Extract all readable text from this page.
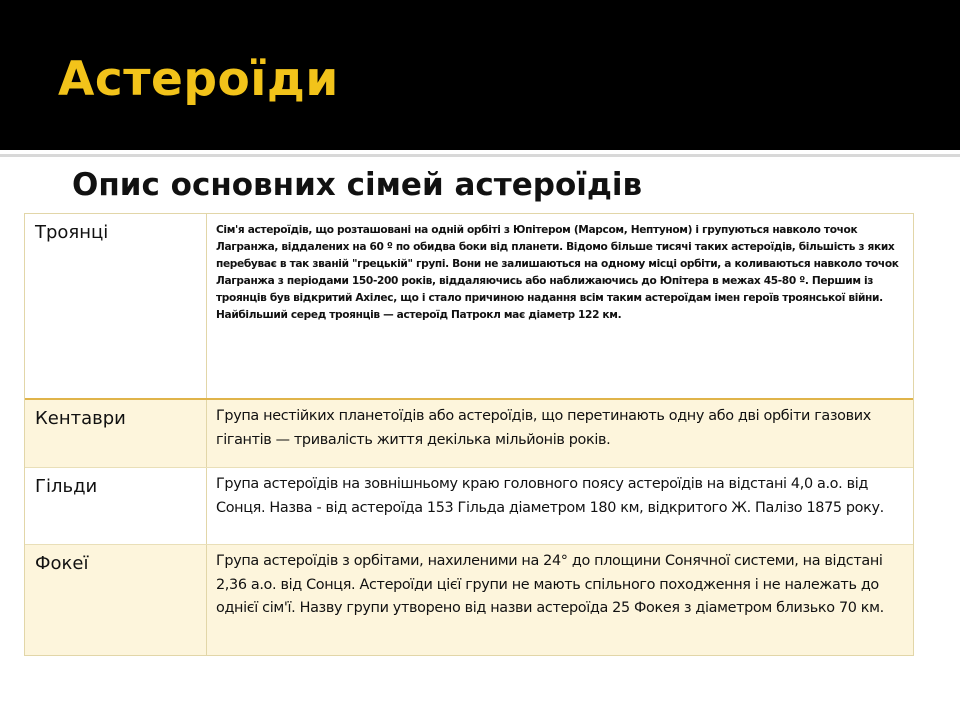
Астероїди
Опис основних сімей астероїдів
Троянці	Сім'я астероїдів, що розташовані на одній орбіті з Юпітером (Марсом, Нептуном) і групуються навколо точок Лагранжа, віддалених на 60 º по обидва боки від планети. Відомо більше тисячі таких астероїдів, більшість з яких перебуває в так званій "грецькій" групі. Вони не залишаються на одному місці орбіти, а коливаються навколо точок Лагранжа з періодами 150-200 років, віддаляючись або наближаючись до Юпітера в межах 45-80 º. Першим із троянців був відкритий Ахілес, що і стало причиною надання всім таким астероїдам імен героїв троянської війни. Найбільший серед троянців — астероїд Патрокл має діаметр 122 км.
Кентаври	Група нестійких планетоїдів або астероїдів, що перетинають одну або дві орбіти газових гігантів — тривалість життя декілька мільйонів років.
Гільди	Група астероїдів на зовнішньому краю головного поясу астероїдів на відстані 4,0 а.о. від Сонця. Назва - від астероїда 153 Гільда діаметром 180 км, відкритого Ж. Палізо 1875 року.
Фокеї	Група астероїдів з орбітами, нахиленими на 24° до площини Сонячної системи, на відстані 2,36 а.о. від Сонця. Астероїди цієї групи не мають спільного походження і не належать до однієї сім'ї. Назву групи утворено від назви астероїда 25 Фокея з діаметром близько 70 км.
